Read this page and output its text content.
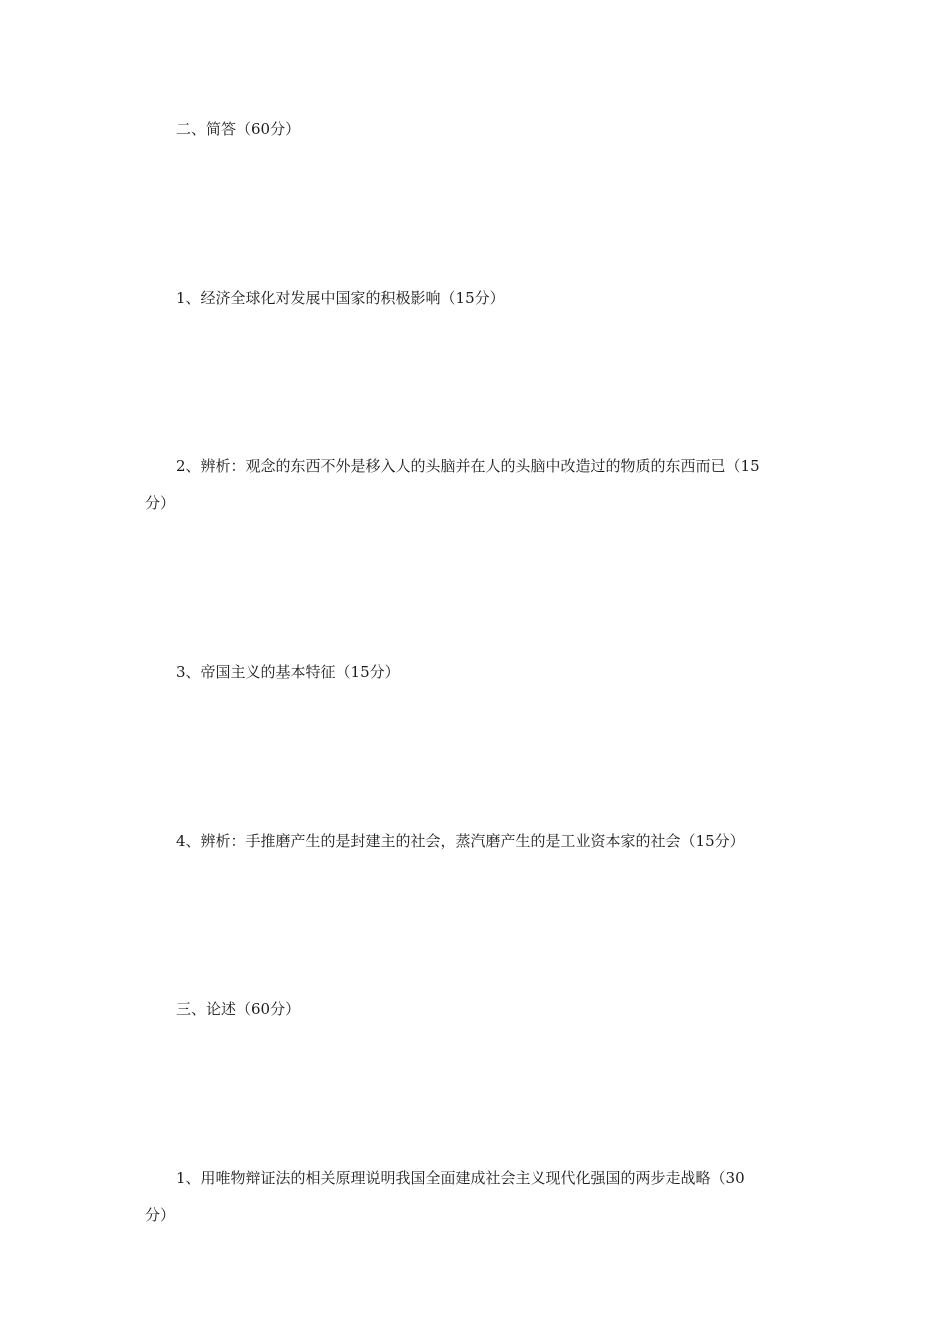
二、简答（60分）

1、经济全球化对发展中国家的积极影响（15分）

2、辨析：观念的东西不外是移入人的头脑并在人的头脑中改造过的物质的东西而已（15

分）

3、帝国主义的基本特征（15分）

4、辨析：手推磨产生的是封建主的社会，蒸汽磨产生的是工业资本家的社会（15分）

三、论述（60分）

1、用唯物辩证法的相关原理说明我国全面建成社会主义现代化强国的两步走战略（30

分）
